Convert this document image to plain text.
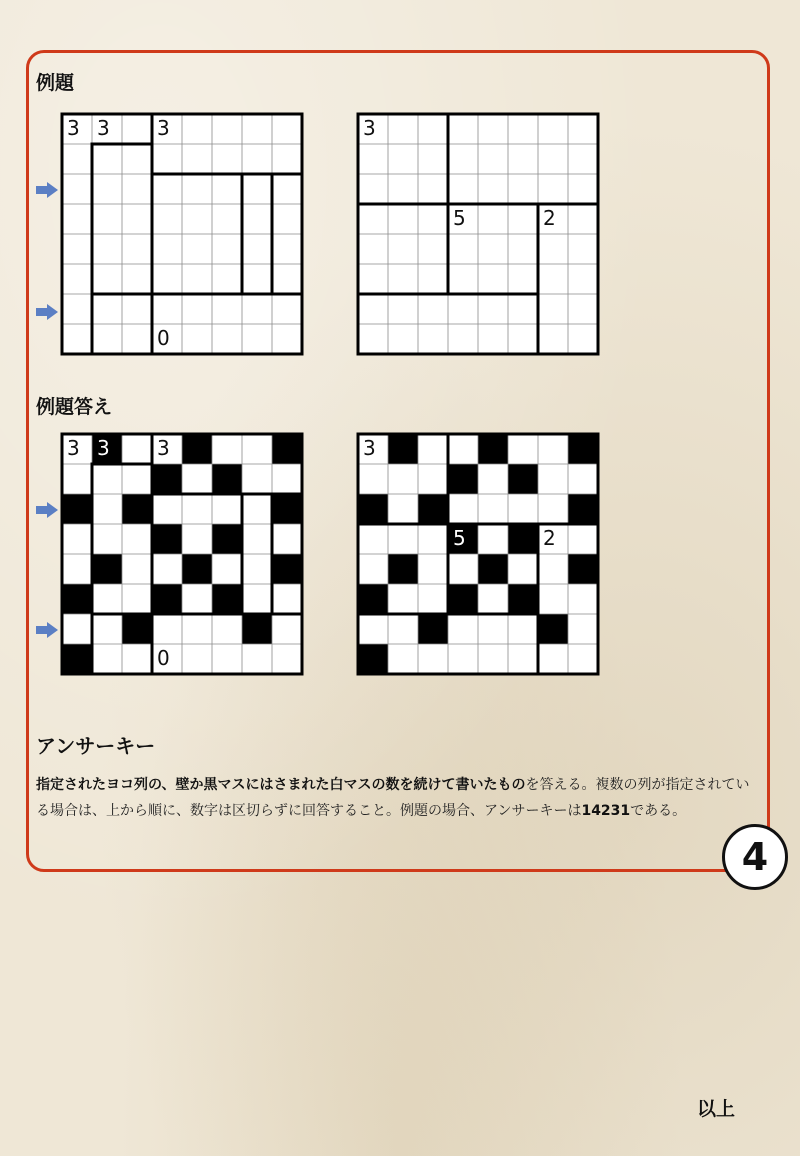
例題
例題答え
3 3 3
0
3
5	2
3 3 3
0
3
5	2
アンサーキー

指定されたヨコ列の、壁か黒マスにはさまれた白マスの数を続けて書いたものを答える。複数の列が指定されている場合は、上から順に、数字は区切らずに回答すること。例題の場合、アンサーキーは14231である。

4
以上
